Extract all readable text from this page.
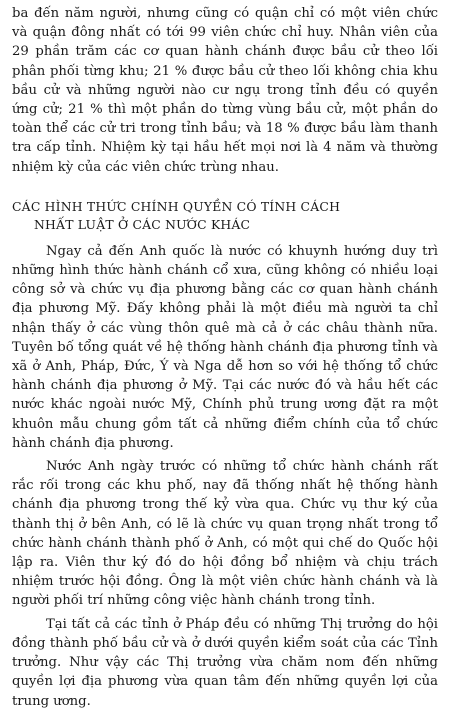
ba đến năm người, nhưng cũng có quận chỉ có một viên chức và quận đông nhất có tới 99 viên chức chỉ huy. Nhân viên của 29 phần trăm các cơ quan hành chánh được bầu cử theo lối phân phối từng khu; 21 % được bầu cử theo lối không chia khu bầu cử và những người nào cư ngụ trong tỉnh đều có quyền ứng cử; 21 % thì một phần do từng vùng bầu cử, một phần do toàn thể các cử tri trong tỉnh bầu; và 18 % được bầu làm thanh tra cấp tỉnh. Nhiệm kỳ tại hầu hết mọi nơi là 4 năm và thường nhiệm kỳ của các viên chức trùng nhau.

CÁC HÌNH THỨC CHÍNH QUYỀN CÓ TÍNH CÁCH
NHẤT LUẬT Ở CÁC NƯỚC KHÁC

Ngay cả đến Anh quốc là nước có khuynh hướng duy trì những hình thức hành chánh cổ xưa, cũng không có nhiều loại công sở và chức vụ địa phương bằng các cơ quan hành chánh địa phương Mỹ. Đấy không phải là một điều mà người ta chỉ nhận thấy ở các vùng thôn quê mà cả ở các châu thành nữa. Tuyên bố tổng quát về hệ thống hành chánh địa phương tỉnh và xã ở Anh, Pháp, Đức, Ý và Nga dễ hơn so với hệ thống tổ chức hành chánh địa phương ở Mỹ. Tại các nước đó và hầu hết các nước khác ngoài nước Mỹ, Chính phủ trung ương đặt ra một khuôn mẫu chung gồm tất cả những điểm chính của tổ chức hành chánh địa phương.

Nước Anh ngày trước có những tổ chức hành chánh rất rắc rối trong các khu phố, nay đã thống nhất hệ thống hành chánh địa phương trong thế kỷ vừa qua. Chức vụ thư ký của thành thị ở bên Anh, có lẽ là chức vụ quan trọng nhất trong tổ chức hành chánh thành phố ở Anh, có một qui chế do Quốc hội lập ra. Viên thư ký đó do hội đồng bổ nhiệm và chịu trách nhiệm trước hội đồng. Ông là một viên chức hành chánh và là người phối trí những công việc hành chánh trong tỉnh.

Tại tất cả các tỉnh ở Pháp đều có những Thị trưởng do hội đồng thành phố bầu cử và ở dưới quyền kiểm soát của các Tỉnh trưởng. Như vậy các Thị trưởng vừa chăm nom đến những quyền lợi địa phương vừa quan tâm đến những quyền lợi của trung ương.
